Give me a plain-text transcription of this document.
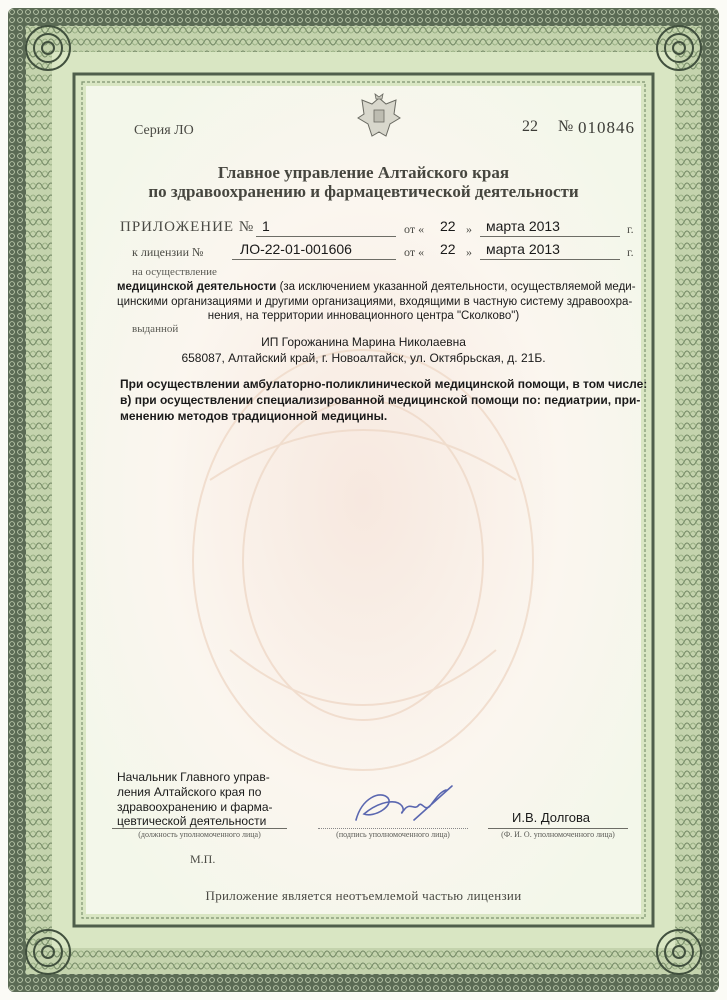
Серия ЛО	22 № 010846
Главное управление Алтайского края
по здравоохранению и фармацевтической деятельности
ПРИЛОЖЕНИЕ № 1	от « 22 » марта 2013	г.
к лицензии №	ЛО-22-01-001606	от « 22 » марта 2013	г.
на осуществление
медицинской деятельности (за исключением указанной деятельности, осуществляемой меди-
цинскими организациями и другими организациями, входящими в частную систему здравоохра-
нения, на территории инновационного центра "Сколково")
выданной
ИП Горожанина Марина Николаевна
658087, Алтайский край, г. Новоалтайск, ул. Октябрьская, д. 21Б.
При осуществлении амбулаторно-поликлинической медицинской помощи, в том числе:
в) при осуществлении специализированной медицинской помощи по: педиатрии, при-
менению методов традиционной медицины.
Начальник Главного управ-
ления Алтайского края по
здравоохранению и фарма-
цевтической деятельности
(должность уполномоченного лица)	(подпись уполномоченного лица)
И.В. Долгова
(Ф. И. О. уполномоченного лица)
М.П.
Приложение является неотъемлемой частью лицензии
